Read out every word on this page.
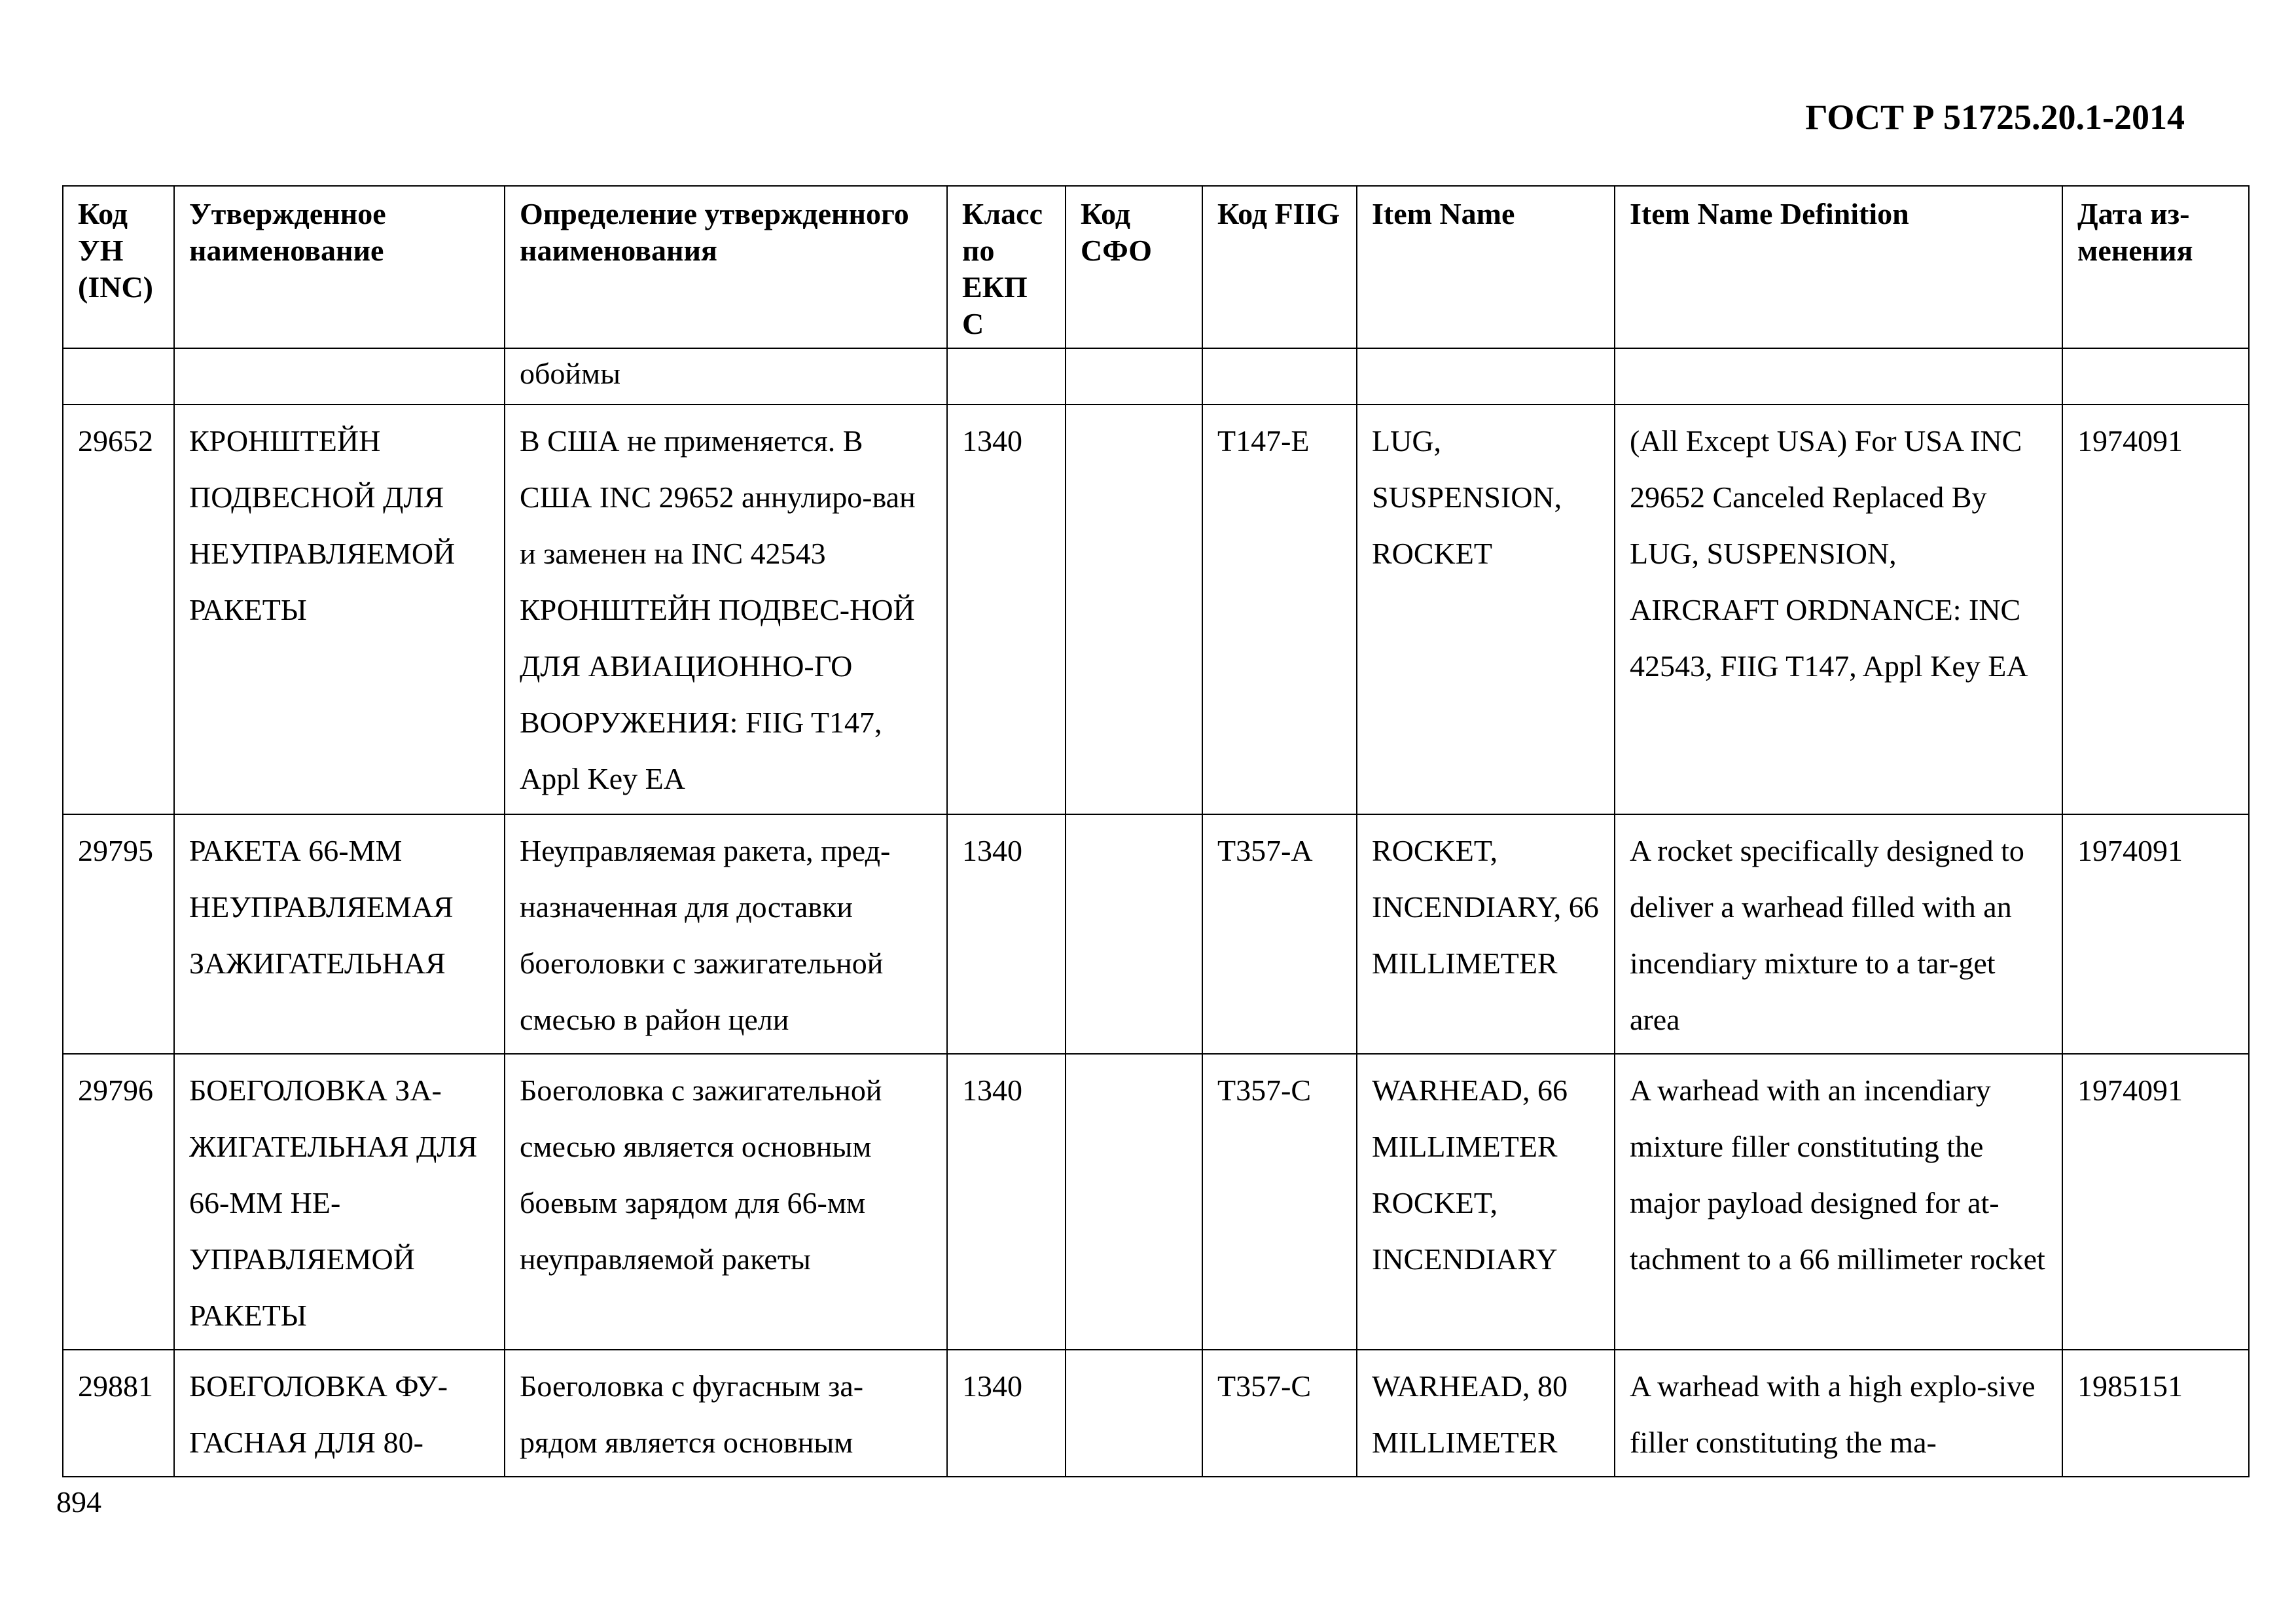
ГОСТ Р 51725.20.1-2014
Код УН (INC)	Утвержденное наименование	Определение утвержденного наименования	Класс по ЕКП С	Код СФО	Код FIIG	Item Name	Item Name Definition	Дата из-менения
		обоймы						
29652	КРОНШТЕЙН ПОДВЕСНОЙ ДЛЯ НЕУПРАВЛЯЕМОЙ РАКЕТЫ	В США не применяется. В США INC 29652 аннулиро-ван и заменен на INC 42543 КРОНШТЕЙН ПОДВЕС-НОЙ ДЛЯ АВИАЦИОННО-ГО ВООРУЖЕНИЯ: FIIG T147, Appl Key EA	1340		T147-E	LUG, SUSPENSION, ROCKET	(All Except USA) For USA INC 29652 Canceled Replaced By LUG, SUSPENSION, AIRCRAFT ORDNANCE: INC 42543, FIIG T147, Appl Key EA	1974091
29795	РАКЕТА 66-ММ НЕУПРАВЛЯЕМАЯ ЗАЖИГАТЕЛЬНАЯ	Неуправляемая ракета, пред-назначенная для доставки боеголовки с зажигательной смесью в район цели	1340		T357-A	ROCKET, INCENDIARY, 66 MILLIMETER	A rocket specifically designed to deliver a warhead filled with an incendiary mixture to a tar-get area	1974091
29796	БОЕГОЛОВКА ЗА-ЖИГАТЕЛЬНАЯ ДЛЯ 66-ММ НЕ-УПРАВЛЯЕМОЙ РАКЕТЫ	Боеголовка с зажигательной смесью является основным боевым зарядом для 66-мм неуправляемой ракеты	1340		T357-C	WARHEAD, 66 MILLIMETER ROCKET, INCENDIARY	A warhead with an incendiary mixture filler constituting the major payload designed for at-tachment to a 66 millimeter rocket	1974091
29881	БОЕГОЛОВКА ФУ-ГАСНАЯ ДЛЯ 80-	Боеголовка с фугасным за-рядом является основным	1340		T357-C	WARHEAD, 80 MILLIMETER	A warhead with a high explo-sive filler constituting the ma-	1985151
894
